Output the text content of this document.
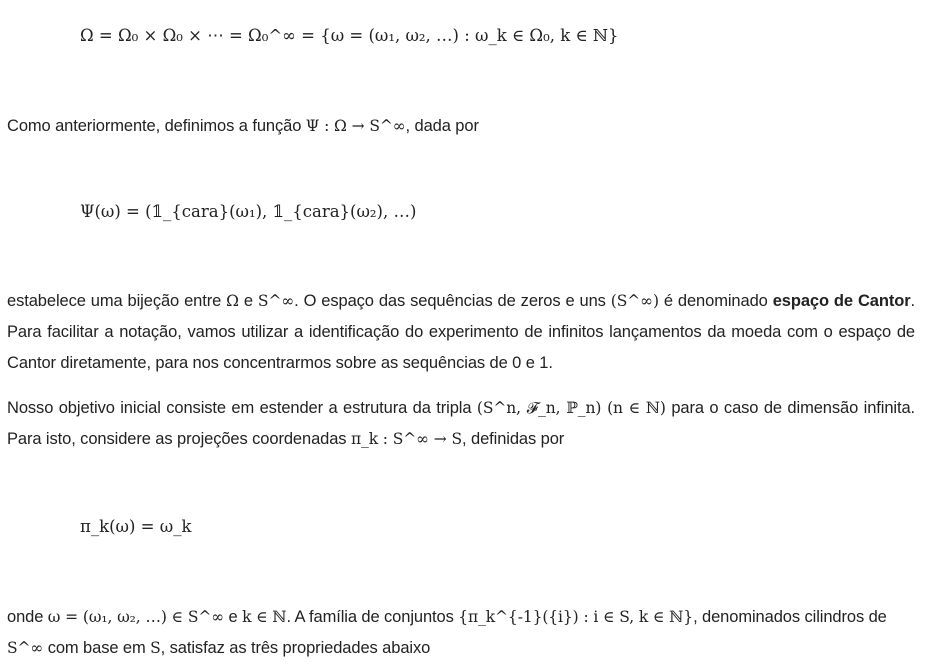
Ω = Ω₀ × Ω₀ × ⋯ = Ω₀^∞ = {ω = (ω₁, ω₂, …) : ω_k ∈ Ω₀, k ∈ ℕ}

Como anteriormente, definimos a função Ψ : Ω → S^∞, dada por

Ψ(ω) = (𝟙_{cara}(ω₁), 𝟙_{cara}(ω₂), …)

estabelece uma bijeção entre Ω e S^∞. O espaço das sequências de zeros e uns (S^∞) é denominado espaço de Cantor. Para facilitar a notação, vamos utilizar a identificação do experimento de infinitos lançamentos da moeda com o espaço de Cantor diretamente, para nos concentrarmos sobre as sequências de 0 e 1.

Nosso objetivo inicial consiste em estender a estrutura da tripla (S^n, 𝓕_n, ℙ_n) (n ∈ ℕ) para o caso de dimensão infinita. Para isto, considere as projeções coordenadas π_k : S^∞ → S, definidas por

π_k(ω) = ω_k

onde ω = (ω₁, ω₂, …) ∈ S^∞ e k ∈ ℕ. A família de conjuntos {π_k^{-1}({i}) : i ∈ S, k ∈ ℕ}, denominados cilindros de S^∞ com base em S, satisfaz as três propriedades abaixo
